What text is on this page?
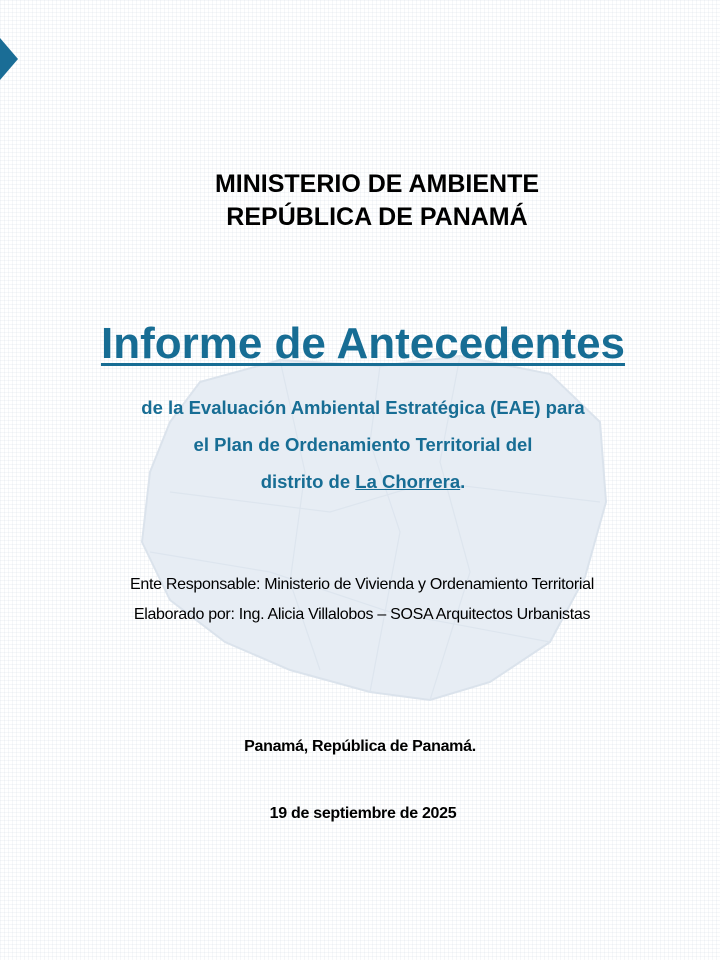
MINISTERIO DE AMBIENTE
REPÚBLICA DE PANAMÁ
Informe de Antecedentes
de la Evaluación Ambiental Estratégica (EAE) para
el Plan de Ordenamiento Territorial del
distrito de La Chorrera.
Ente Responsable: Ministerio de Vivienda y Ordenamiento Territorial
Elaborado por: Ing. Alicia Villalobos – SOSA Arquitectos Urbanistas
Panamá, República de Panamá.
19 de septiembre de 2025
